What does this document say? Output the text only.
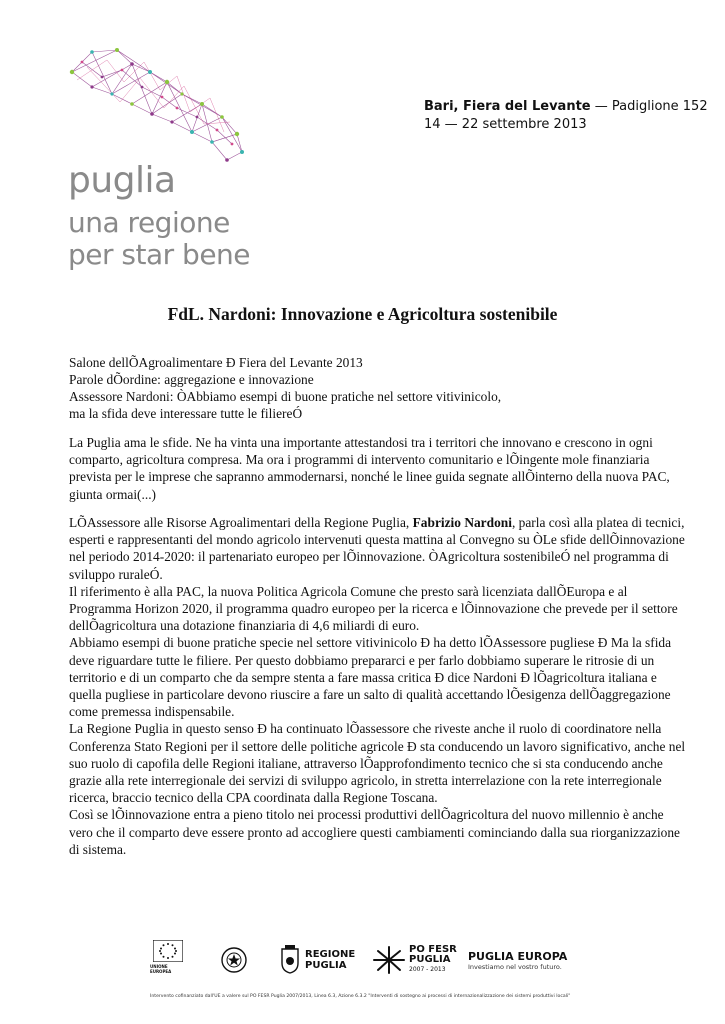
puglia
una regione
per star bene
Bari, Fiera del Levante — Padiglione 152
14 — 22 settembre 2013
FdL. Nardoni: Innovazione e Agricoltura sostenibile

Salone dellÕAgroalimentare Ð Fiera del Levante 2013

Parole dÕordine: aggregazione e innovazione

Assessore Nardoni: ÒAbbiamo esempi di buone pratiche nel settore vitivinicolo,

ma la sfida deve interessare tutte le filiereÓ

La Puglia ama le sfide. Ne ha vinta una importante attestandosi tra i territori che innovano e crescono in ogni comparto, agricoltura compresa. Ma ora i programmi di intervento comunitario e lÕingente mole finanziaria prevista per le imprese che sapranno ammodernarsi, nonché le linee guida segnate allÕinterno della nuova PAC, giunta ormai(...)

LÕAssessore alle Risorse Agroalimentari della Regione Puglia, Fabrizio Nardoni, parla così alla platea di tecnici, esperti e rappresentanti del mondo agricolo intervenuti questa mattina al Convegno su ÒLe sfide dellÕinnovazione nel periodo 2014-2020: il partenariato europeo per lÕinnovazione. ÒAgricoltura sostenibileÓ nel programma di sviluppo ruraleÓ.

Il riferimento è alla PAC, la nuova Politica Agricola Comune che presto sarà licenziata dallÕEuropa e al Programma Horizon 2020, il programma quadro europeo per la ricerca e lÕinnovazione che prevede per il settore dellÕagricoltura una dotazione finanziaria di 4,6 miliardi di euro.

Abbiamo esempi di buone pratiche specie nel settore vitivinicolo Ð ha detto lÕAssessore pugliese Ð Ma la sfida deve riguardare tutte le filiere. Per questo dobbiamo prepararci e per farlo dobbiamo superare le ritrosie di un territorio e di un comparto che da sempre stenta a fare massa critica Ð dice Nardoni Ð lÕagricoltura italiana e quella pugliese in particolare devono riuscire a fare un salto di qualità accettando lÕesigenza dellÕaggregazione come premessa indispensabile.

La Regione Puglia in questo senso Ð ha continuato lÕassessore che riveste anche il ruolo di coordinatore nella Conferenza Stato Regioni per il settore delle politiche agricole Ð sta conducendo un lavoro significativo, anche nel suo ruolo di capofila delle Regioni italiane, attraverso lÕapprofondimento tecnico che si sta conducendo anche grazie alla rete interregionale dei servizi di sviluppo agricolo, in stretta interrelazione con la rete interregionale ricerca, braccio tecnico della CPA coordinata dalla Regione Toscana.

Così se lÕinnovazione entra a pieno titolo nei processi produttivi dellÕagricoltura del nuovo millennio è anche vero che il comparto deve essere pronto ad accogliere questi cambiamenti cominciando dalla sua riorganizzazione di sistema.

UNIONE EUROPEA
REGIONE
PUGLIA
PO FESR
PUGLIA
2007 - 2013
PUGLIA EUROPA
Investiamo nel vostro futuro.
Intervento cofinanziato dall'UE a valere sul PO FESR Puglia 2007/2013, Linea 6.3, Azione 6.3.2 "Interventi di sostegno ai processi di internazionalizzazione dei sistemi produttivi locali"
